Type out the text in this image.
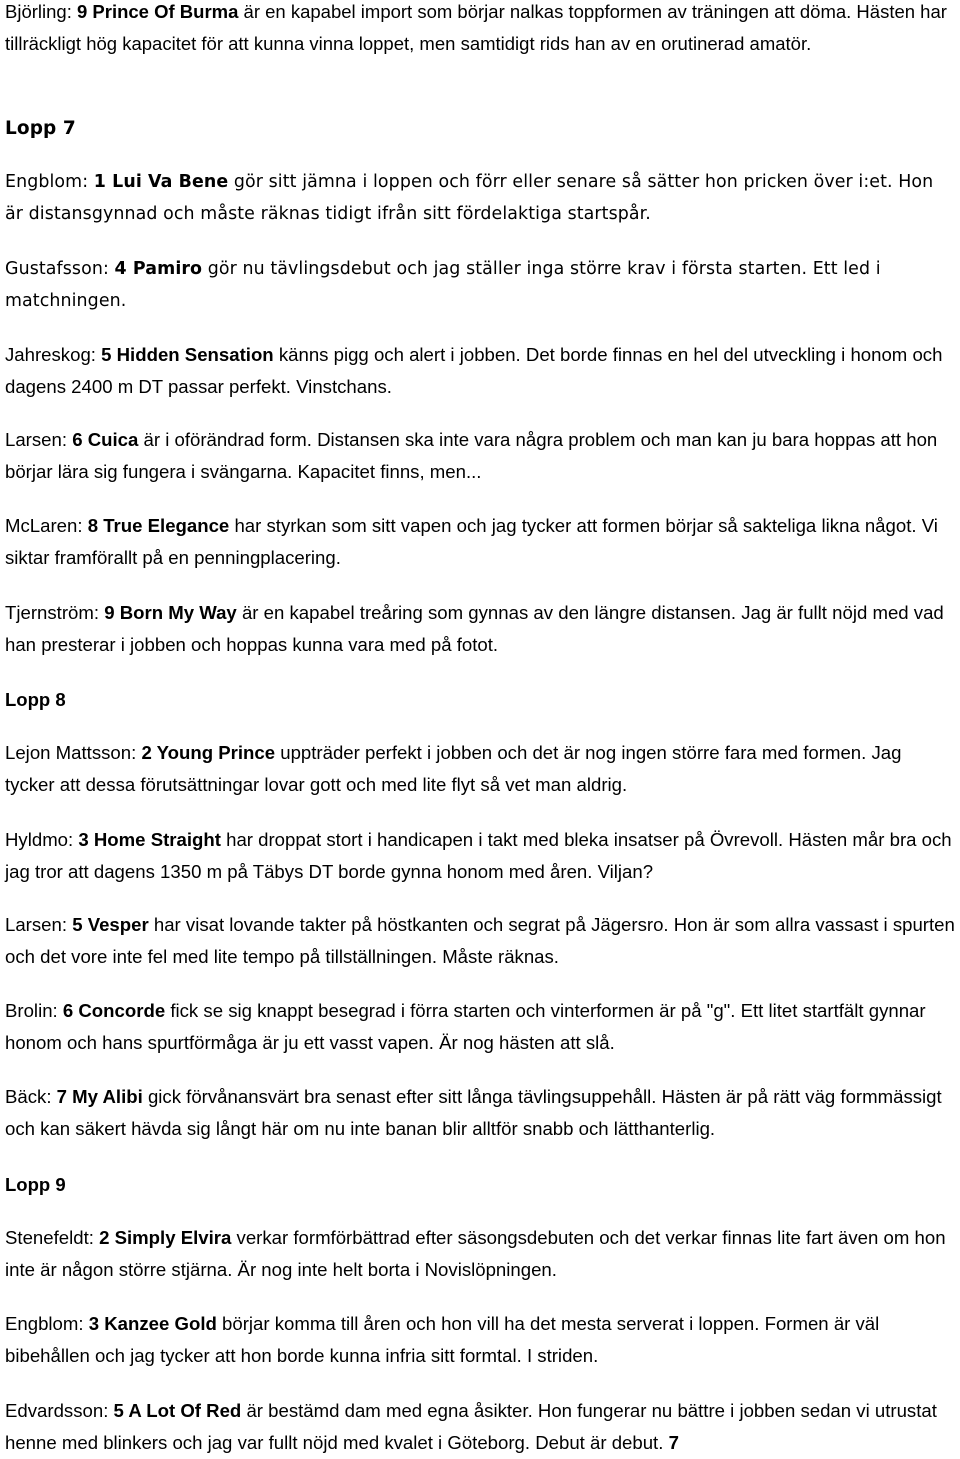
Björling: 9 Prince Of Burma är en kapabel import som börjar nalkas toppformen av träningen att döma. Hästen har tillräckligt hög kapacitet för att kunna vinna loppet, men samtidigt rids han av en orutinerad amatör.

Lopp 7

Engblom: 1 Lui Va Bene gör sitt jämna i loppen och förr eller senare så sätter hon pricken över i:et. Hon är distansgynnad och måste räknas tidigt ifrån sitt fördelaktiga startspår.

Gustafsson: 4 Pamiro gör nu tävlingsdebut och jag ställer inga större krav i första starten. Ett led i matchningen.

Jahreskog: 5 Hidden Sensation känns pigg och alert i jobben. Det borde finnas en hel del utveckling i honom och dagens 2400 m DT passar perfekt. Vinstchans.

Larsen: 6 Cuica är i oförändrad form. Distansen ska inte vara några problem och man kan ju bara hoppas att hon börjar lära sig fungera i svängarna. Kapacitet finns, men...

McLaren: 8 True Elegance har styrkan som sitt vapen och jag tycker att formen börjar så sakteliga likna något. Vi siktar framförallt på en penningplacering.

Tjernström: 9 Born My Way är en kapabel treåring som gynnas av den längre distansen. Jag är fullt nöjd med vad han presterar i jobben och hoppas kunna vara med på fotot.

Lopp 8

Lejon Mattsson: 2 Young Prince uppträder perfekt i jobben och det är nog ingen större fara med formen. Jag tycker att dessa förutsättningar lovar gott och med lite flyt så vet man aldrig.

Hyldmo: 3 Home Straight har droppat stort i handicapen i takt med bleka insatser på Övrevoll. Hästen mår bra och jag tror att dagens 1350 m på Täbys DT borde gynna honom med åren. Viljan?

Larsen: 5 Vesper har visat lovande takter på höstkanten och segrat på Jägersro. Hon är som allra vassast i spurten och det vore inte fel med lite tempo på tillställningen. Måste räknas.

Brolin: 6 Concorde fick se sig knappt besegrad i förra starten och vinterformen är på "g". Ett litet startfält gynnar honom och hans spurtförmåga är ju ett vasst vapen. Är nog hästen att slå.

Bäck: 7 My Alibi gick förvånansvärt bra senast efter sitt långa tävlingsuppehåll. Hästen är på rätt väg formmässigt och kan säkert hävda sig långt här om nu inte banan blir alltför snabb och lätthanterlig.

Lopp 9

Stenefeldt: 2 Simply Elvira verkar formförbättrad efter säsongsdebuten och det verkar finnas lite fart även om hon inte är någon större stjärna. Är nog inte helt borta i Novislöpningen.

Engblom: 3 Kanzee Gold börjar komma till åren och hon vill ha det mesta serverat i loppen. Formen är väl bibehållen och jag tycker att hon borde kunna infria sitt formtal. I striden.

Edvardsson: 5 A Lot Of Red är bestämd dam med egna åsikter. Hon fungerar nu bättre i jobben sedan vi utrustat henne med blinkers och jag var fullt nöjd med kvalet i Göteborg. Debut är debut. 7
